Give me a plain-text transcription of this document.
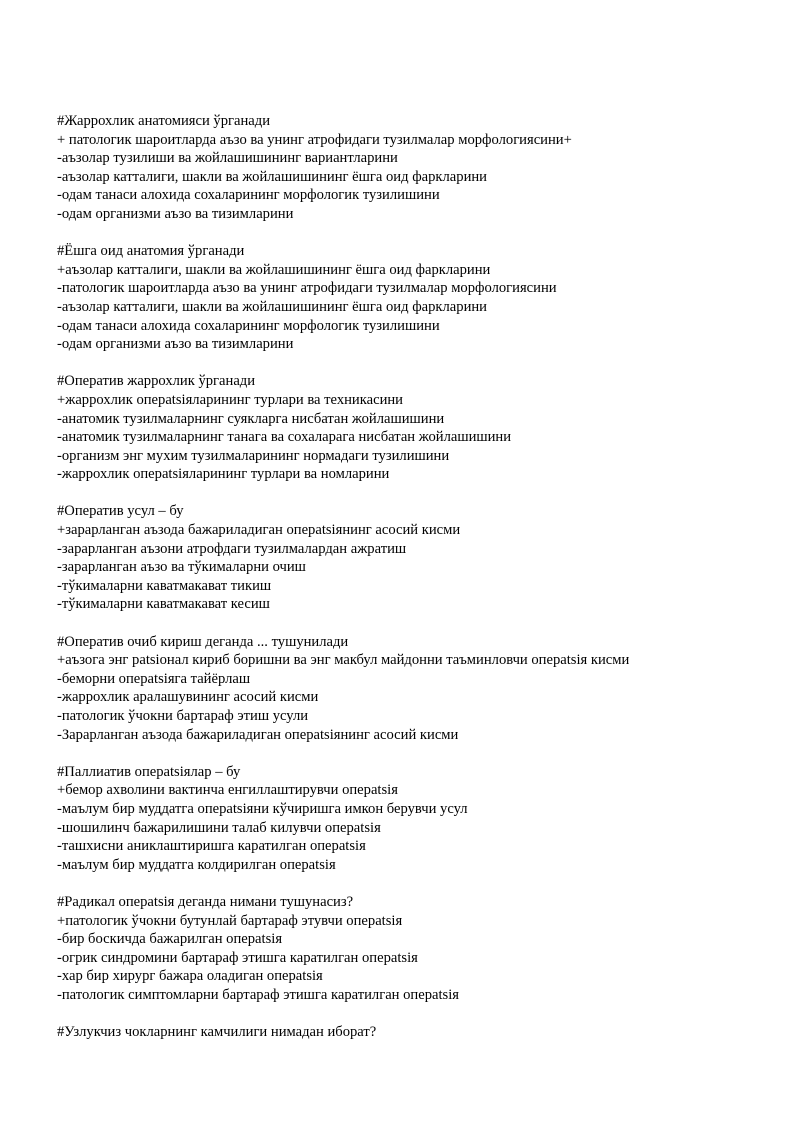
#Жаррохлик анатомияси ўрганади
+ патологик шароитларда аъзо ва унинг атрофидаги тузилмалар морфологиясини+
-аъзолар тузилиши ва жойлашишининг вариантларини
-аъзолар катталиги, шакли ва жойлашишининг ёшга оид фаркларини
-одам танаси алохида сохаларининг морфологик тузилишини
-одам организми аъзо ва тизимларини
#Ёшга оид анатомия ўрганади
+аъзолар катталиги, шакли ва жойлашишининг ёшга оид фаркларини
-патологик шароитларда аъзо ва унинг атрофидаги тузилмалар морфологиясини
-аъзолар катталиги, шакли ва жойлашишининг ёшга оид фаркларини
-одам танаси алохида сохаларининг морфологик тузилишини
-одам организми аъзо ва тизимларини
#Оператив жаррохлик ўрганади
+жаррохлик операtsiяларининг турлари ва техникасини
-анатомик тузилмаларнинг суякларга нисбатан жойлашишини
-анатомик тузилмаларнинг танага ва сохаларага нисбатан жойлашишини
-организм энг мухим тузилмаларининг нормадаги тузилишини
-жаррохлик операtsiяларининг турлари ва номларини
#Оператив усул – бу
+зарарланган аъзода бажариладиган операtsiянинг асосий кисми
-зарарланган аъзони атрофдаги тузилмалардан ажратиш
-зарарланган аъзо ва тўкималарни очиш
-тўкималарни каватмакават тикиш
-тўкималарни каватмакават кесиш
#Оператив очиб кириш деганда ... тушунилади
+аъзога энг раtsiонал кириб боришни ва энг макбул майдонни таъминловчи операtsiя кисми
-беморни операtsiяга тайёрлаш
-жаррохлик аралашувининг асосий кисми
-патологик ўчокни бартараф этиш усули
-Зарарланган аъзода бажариладиган операtsiянинг асосий кисми
#Паллиатив операtsiялар – бу
+бемор ахволини вактинча енгиллаштирувчи операtsiя
-маълум бир муддатга операtsiяни кўчиришга имкон берувчи усул
-шошилинч бажарилишини талаб килувчи операtsiя
-ташхисни аниклаштиришга каратилган операtsiя
-маълум бир муддатга колдирилган операtsiя
#Радикал операtsiя деганда нимани тушунасиз?
+патологик ўчокни бутунлай бартараф этувчи операtsiя
-бир боскичда бажарилган операtsiя
-огрик синдромини бартараф этишга каратилган операtsiя
-хар бир хирург бажара оладиган операtsiя
-патологик симптомларни бартараф этишга каратилган операtsiя
#Узлукчиз чокларнинг камчилиги нимадан иборат?
